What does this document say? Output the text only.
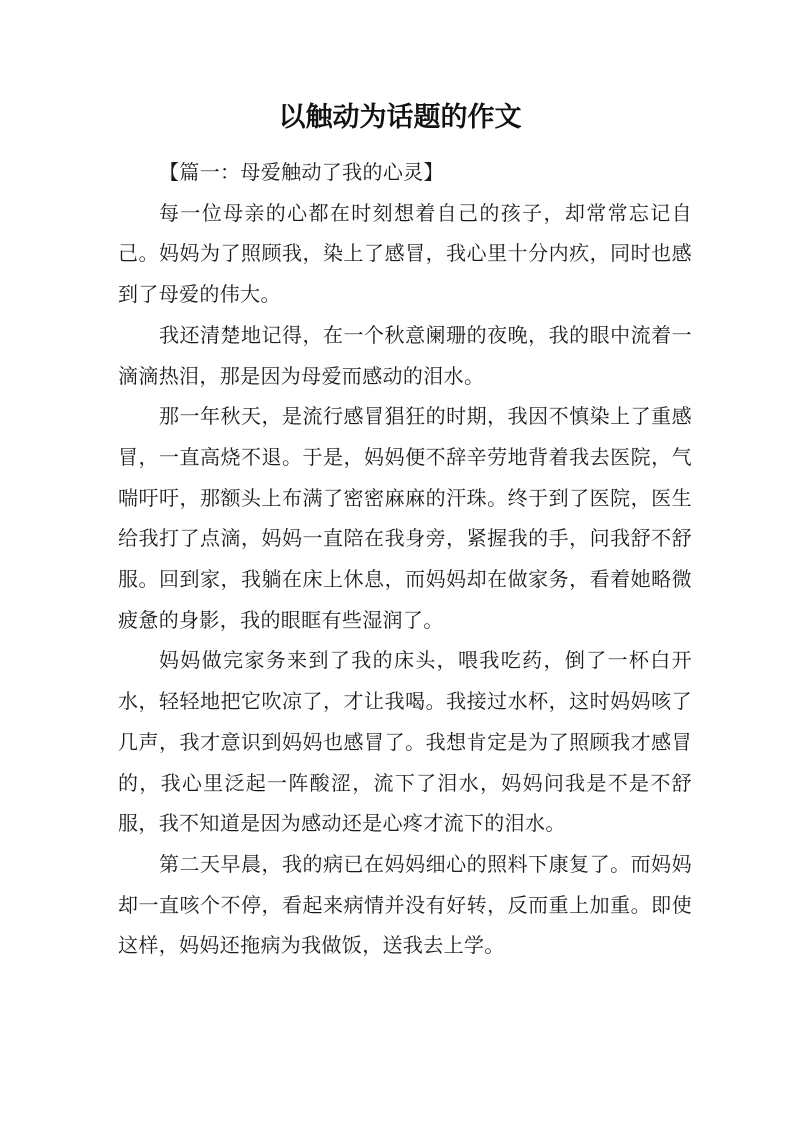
以触动为话题的作文
【篇一：母爱触动了我的心灵】

每一位母亲的心都在时刻想着自己的孩子，却常常忘记自己。妈妈为了照顾我，染上了感冒，我心里十分内疚，同时也感到了母爱的伟大。

我还清楚地记得，在一个秋意阑珊的夜晚，我的眼中流着一滴滴热泪，那是因为母爱而感动的泪水。

那一年秋天，是流行感冒猖狂的时期，我因不慎染上了重感冒，一直高烧不退。于是，妈妈便不辞辛劳地背着我去医院，气喘吁吁，那额头上布满了密密麻麻的汗珠。终于到了医院，医生给我打了点滴，妈妈一直陪在我身旁，紧握我的手，问我舒不舒服。回到家，我躺在床上休息，而妈妈却在做家务，看着她略微疲惫的身影，我的眼眶有些湿润了。

妈妈做完家务来到了我的床头，喂我吃药，倒了一杯白开水，轻轻地把它吹凉了，才让我喝。我接过水杯，这时妈妈咳了几声，我才意识到妈妈也感冒了。我想肯定是为了照顾我才感冒的，我心里泛起一阵酸涩，流下了泪水，妈妈问我是不是不舒服，我不知道是因为感动还是心疼才流下的泪水。

第二天早晨，我的病已在妈妈细心的照料下康复了。而妈妈却一直咳个不停，看起来病情并没有好转，反而重上加重。即使这样，妈妈还拖病为我做饭，送我去上学。
